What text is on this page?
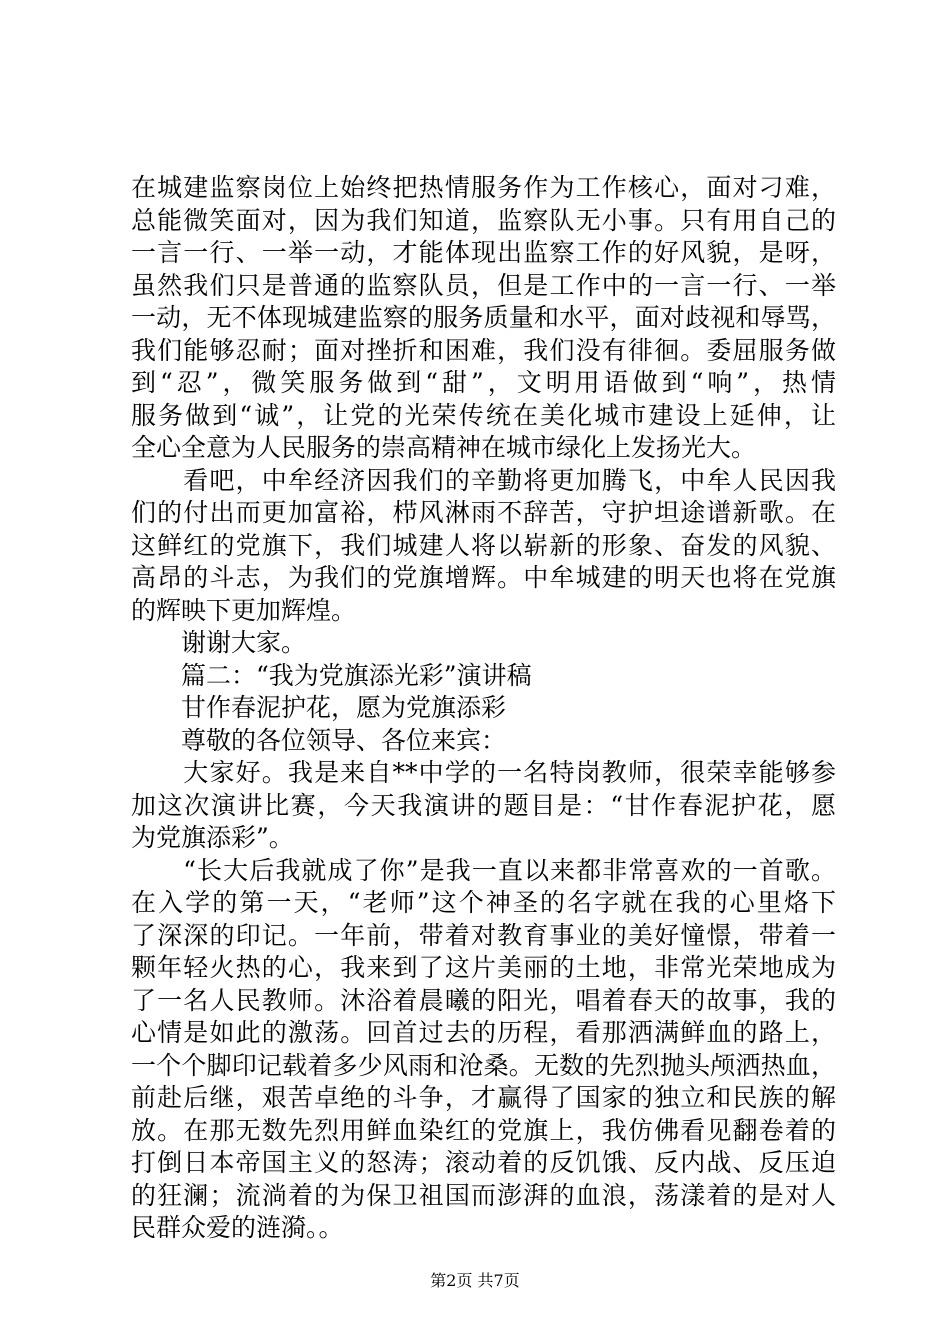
在城建监察岗位上始终把热情服务作为工作核心，面对刁难，
总能微笑面对，因为我们知道，监察队无小事。只有用自己的
一言一行、一举一动，才能体现出监察工作的好风貌，是呀，
虽然我们只是普通的监察队员，但是工作中的一言一行、一举
一动，无不体现城建监察的服务质量和水平，面对歧视和辱骂，
我们能够忍耐；面对挫折和困难，我们没有徘徊。委屈服务做
到“忍”，微笑服务做到“甜”，文明用语做到“响”，热情
服务做到“诚”，让党的光荣传统在美化城市建设上延伸，让
全心全意为人民服务的崇高精神在城市绿化上发扬光大。
　　看吧，中牟经济因我们的辛勤将更加腾飞，中牟人民因我
们的付出而更加富裕，栉风淋雨不辞苦，守护坦途谱新歌。在
这鲜红的党旗下，我们城建人将以崭新的形象、奋发的风貌、
高昂的斗志，为我们的党旗增辉。中牟城建的明天也将在党旗
的辉映下更加辉煌。
　　谢谢大家。
　　篇二：“我为党旗添光彩”演讲稿
　　甘作春泥护花，愿为党旗添彩
　　尊敬的各位领导、各位来宾：
　　大家好。我是来自**中学的一名特岗教师，很荣幸能够参
加这次演讲比赛，今天我演讲的题目是：“甘作春泥护花，愿
为党旗添彩”。
　　“长大后我就成了你”是我一直以来都非常喜欢的一首歌。
在入学的第一天，“老师”这个神圣的名字就在我的心里烙下
了深深的印记。一年前，带着对教育事业的美好憧憬，带着一
颗年轻火热的心，我来到了这片美丽的土地，非常光荣地成为
了一名人民教师。沐浴着晨曦的阳光，唱着春天的故事，我的
心情是如此的激荡。回首过去的历程，看那洒满鲜血的路上，
一个个脚印记载着多少风雨和沧桑。无数的先烈抛头颅洒热血，
前赴后继，艰苦卓绝的斗争，才赢得了国家的独立和民族的解
放。在那无数先烈用鲜血染红的党旗上，我仿佛看见翻卷着的
打倒日本帝国主义的怒涛；滚动着的反饥饿、反内战、反压迫
的狂澜；流淌着的为保卫祖国而澎湃的血浪，荡漾着的是对人
民群众爱的涟漪。。
第2页 共7页
